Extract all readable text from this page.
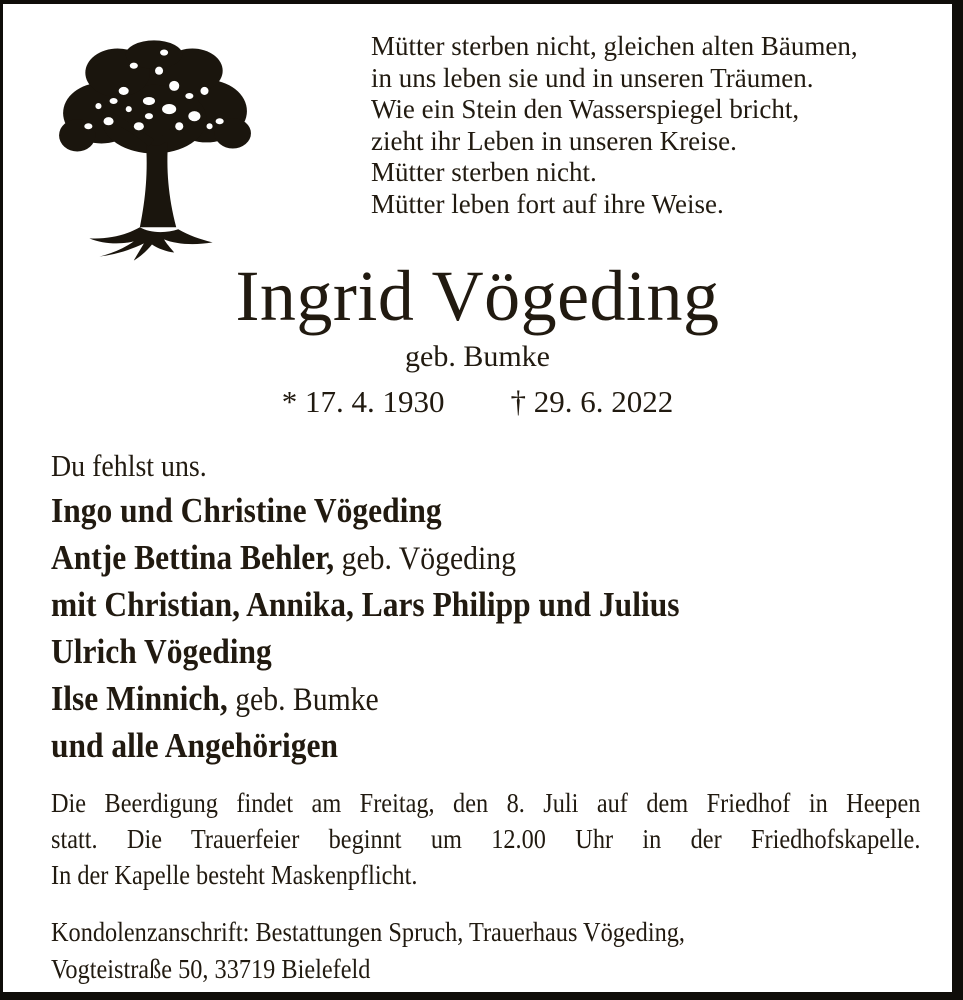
Mütter sterben nicht, gleichen alten Bäumen,
in uns leben sie und in unseren Träumen.
Wie ein Stein den Wasserspiegel bricht,
zieht ihr Leben in unseren Kreise.
Mütter sterben nicht.
Mütter leben fort auf ihre Weise.
Ingrid Vögeding
geb. Bumke
* 17. 4. 1930 † 29. 6. 2022
Du fehlst uns.
Ingo und Christine Vögeding
Antje Bettina Behler, geb. Vögeding
mit Christian, Annika, Lars Philipp und Julius
Ulrich Vögeding
Ilse Minnich, geb. Bumke
und alle Angehörigen
Die Beerdigung findet am Freitag, den 8. Juli auf dem Friedhof in Heepen
statt. Die Trauerfeier beginnt um 12.00 Uhr in der Friedhofskapelle.
In der Kapelle besteht Maskenpflicht.
Kondolenzanschrift: Bestattungen Spruch, Trauerhaus Vögeding,
Vogteistraße 50, 33719 Bielefeld
